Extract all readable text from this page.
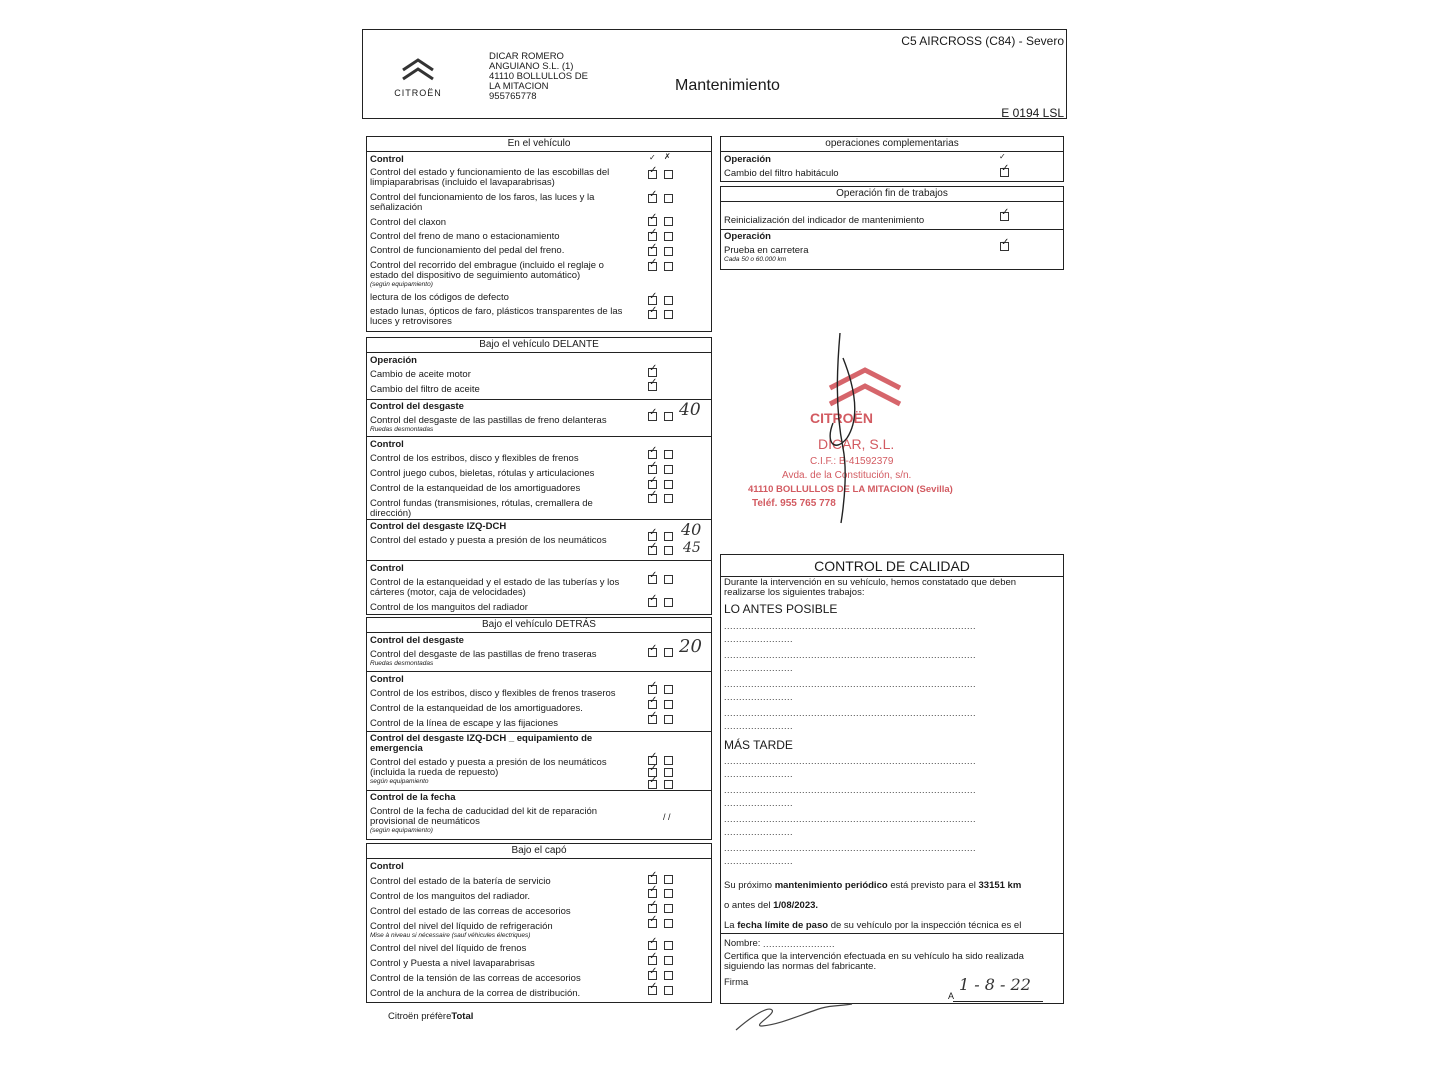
CITROËN
DICAR ROMERO
ANGUIANO S.L. (1)
41110 BOLLULLOS DE
LA MITACION
955765778
Mantenimiento
C5 AIRCROSS (C84) - Severo
E 0194 LSL
En el vehículo
Control
Control del estado y funcionamiento de las escobillas del limpiaparabrisas (incluido el lavaparabrisas)
Control del funcionamiento de los faros, las luces y la señalización
Control del claxon
Control del freno de mano o estacionamiento
Control de funcionamiento del pedal del freno.
Control del recorrido del embrague (incluido el reglaje o estado del dispositivo de seguimiento automático)
(según equipamiento)
lectura de los códigos de defecto
estado lunas, ópticos de faro, plásticos transparentes de las luces y retrovisores
✓ ✗
Bajo el vehículo DELANTE
Operación
Cambio de aceite motor
Cambio del filtro de aceite
Control del desgaste
Control del desgaste de las pastillas de freno delanteras
Ruedas desmontadas
Control
Control de los estribos, disco y flexibles de frenos
Control juego cubos, bieletas, rótulas y articulaciones
Control de la estanqueidad de los amortiguadores
Control fundas (transmisiones, rótulas, cremallera de dirección)
Control del desgaste IZQ-DCH
Control del estado y puesta a presión de los neumáticos
Control
Control de la estanqueidad y el estado de las tuberías y los cárteres (motor, caja de velocidades)
Control de los manguitos del radiador
40
40
45
Bajo el vehículo DETRÁS
Control del desgaste
Control del desgaste de las pastillas de freno traseras
Ruedas desmontadas
Control
Control de los estribos, disco y flexibles de frenos traseros
Control de la estanqueidad de los amortiguadores.
Control de la línea de escape y las fijaciones
Control del desgaste IZQ-DCH _ equipamiento de emergencia
Control del estado y puesta a presión de los neumáticos (incluida la rueda de repuesto)
según equipamiento
Control de la fecha
Control de la fecha de caducidad del kit de reparación provisional de neumáticos
(según equipamiento)
/ /
20
Bajo el capó
Control
Control del estado de la batería de servicio
Control de los manguitos del radiador.
Control del estado de las correas de accesorios
Control del nivel del líquido de refrigeración
Mise à niveau si nécessaire (sauf véhicules électriques)
Control del nivel del líquido de frenos
Control y Puesta a nivel lavaparabrisas
Control de la tensión de las correas de accesorios
Control de la anchura de la correa de distribución.
Citroën préfèreTotal
operaciones complementarias
Operación
Cambio del filtro habitáculo
✓
Operación fin de trabajos
Reinicialización del indicador de mantenimiento
Operación
Prueba en carretera
Cada 50 o 60.000 km
CITROËN
DICAR, S.L.
C.I.F.: B-41592379
Avda. de la Constitución, s/n.
41110 BOLLULLOS DE LA MITACION (Sevilla)
Teléf. 955 765 778
CONTROL DE CALIDAD
Durante la intervención en su vehículo, hemos constatado que deben realizarse los siguientes trabajos:
LO ANTES POSIBLE
....................................................................................
.......................
....................................................................................
.......................
....................................................................................
.......................
....................................................................................
.......................
MÁS TARDE
....................................................................................
.......................
....................................................................................
.......................
....................................................................................
.......................
....................................................................................
.......................
Su próximo mantenimiento periódico está previsto para el 33151 km
o antes del 1/08/2023.
La fecha límite de paso de su vehículo por la inspección técnica es el
Nombre: ........................
Certifica que la intervención efectuada en su vehículo ha sido realizada siguiendo las normas del fabricante.
Firma
A
1 - 8 - 22
✓
✓
✓
✓
✓
✓
✓
✓
✓
✓
✓
✓
✓
✓
✓
✓
✓
✓
✓
✓
✓
✓
✓
✓
✓
✓
✓
✓
✓
✓
✓
✓
✓
✓
✓
✓
✓
